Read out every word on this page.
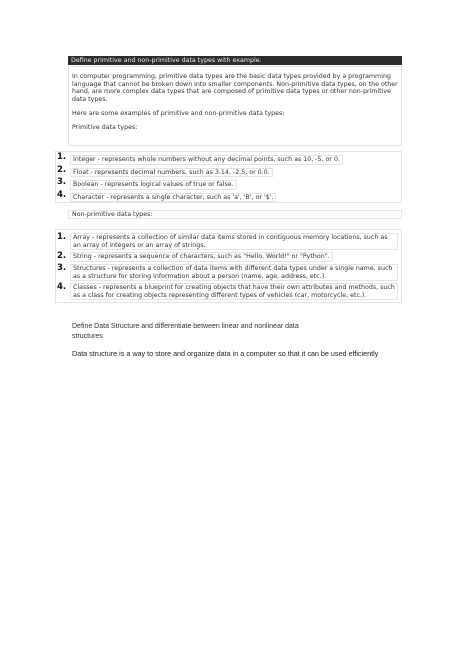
Define primitive and non-primitive data types with example.

In computer programming, primitive data types are the basic data types provided by a programming language that cannot be broken down into smaller components. Non-primitive data types, on the other hand, are more complex data types that are composed of primitive data types or other non-primitive data types.

Here are some examples of primitive and non-primitive data types:

Primitive data types:

1. Integer - represents whole numbers without any decimal points, such as 10, -5, or 0.
2. Float - represents decimal numbers, such as 3.14, -2.5, or 0.0.
3. Boolean - represents logical values of true or false.
4. Character - represents a single character, such as 'a', 'B', or '$'.
Non-primitive data types:
1. Array - represents a collection of similar data items stored in contiguous memory locations, such as an array of integers or an array of strings.
2. String - represents a sequence of characters, such as "Hello, World!" or "Python".
3. Structures - represents a collection of data items with different data types under a single name, such as a structure for storing information about a person (name, age, address, etc.).
4. Classes - represents a blueprint for creating objects that have their own attributes and methods, such as a class for creating objects representing different types of vehicles (car, motorcycle, etc.).
Define Data Structure and differentiate between linear and nonlinear data structures
Data structure is a way to store and organize data in a computer so that it can be used efficiently
